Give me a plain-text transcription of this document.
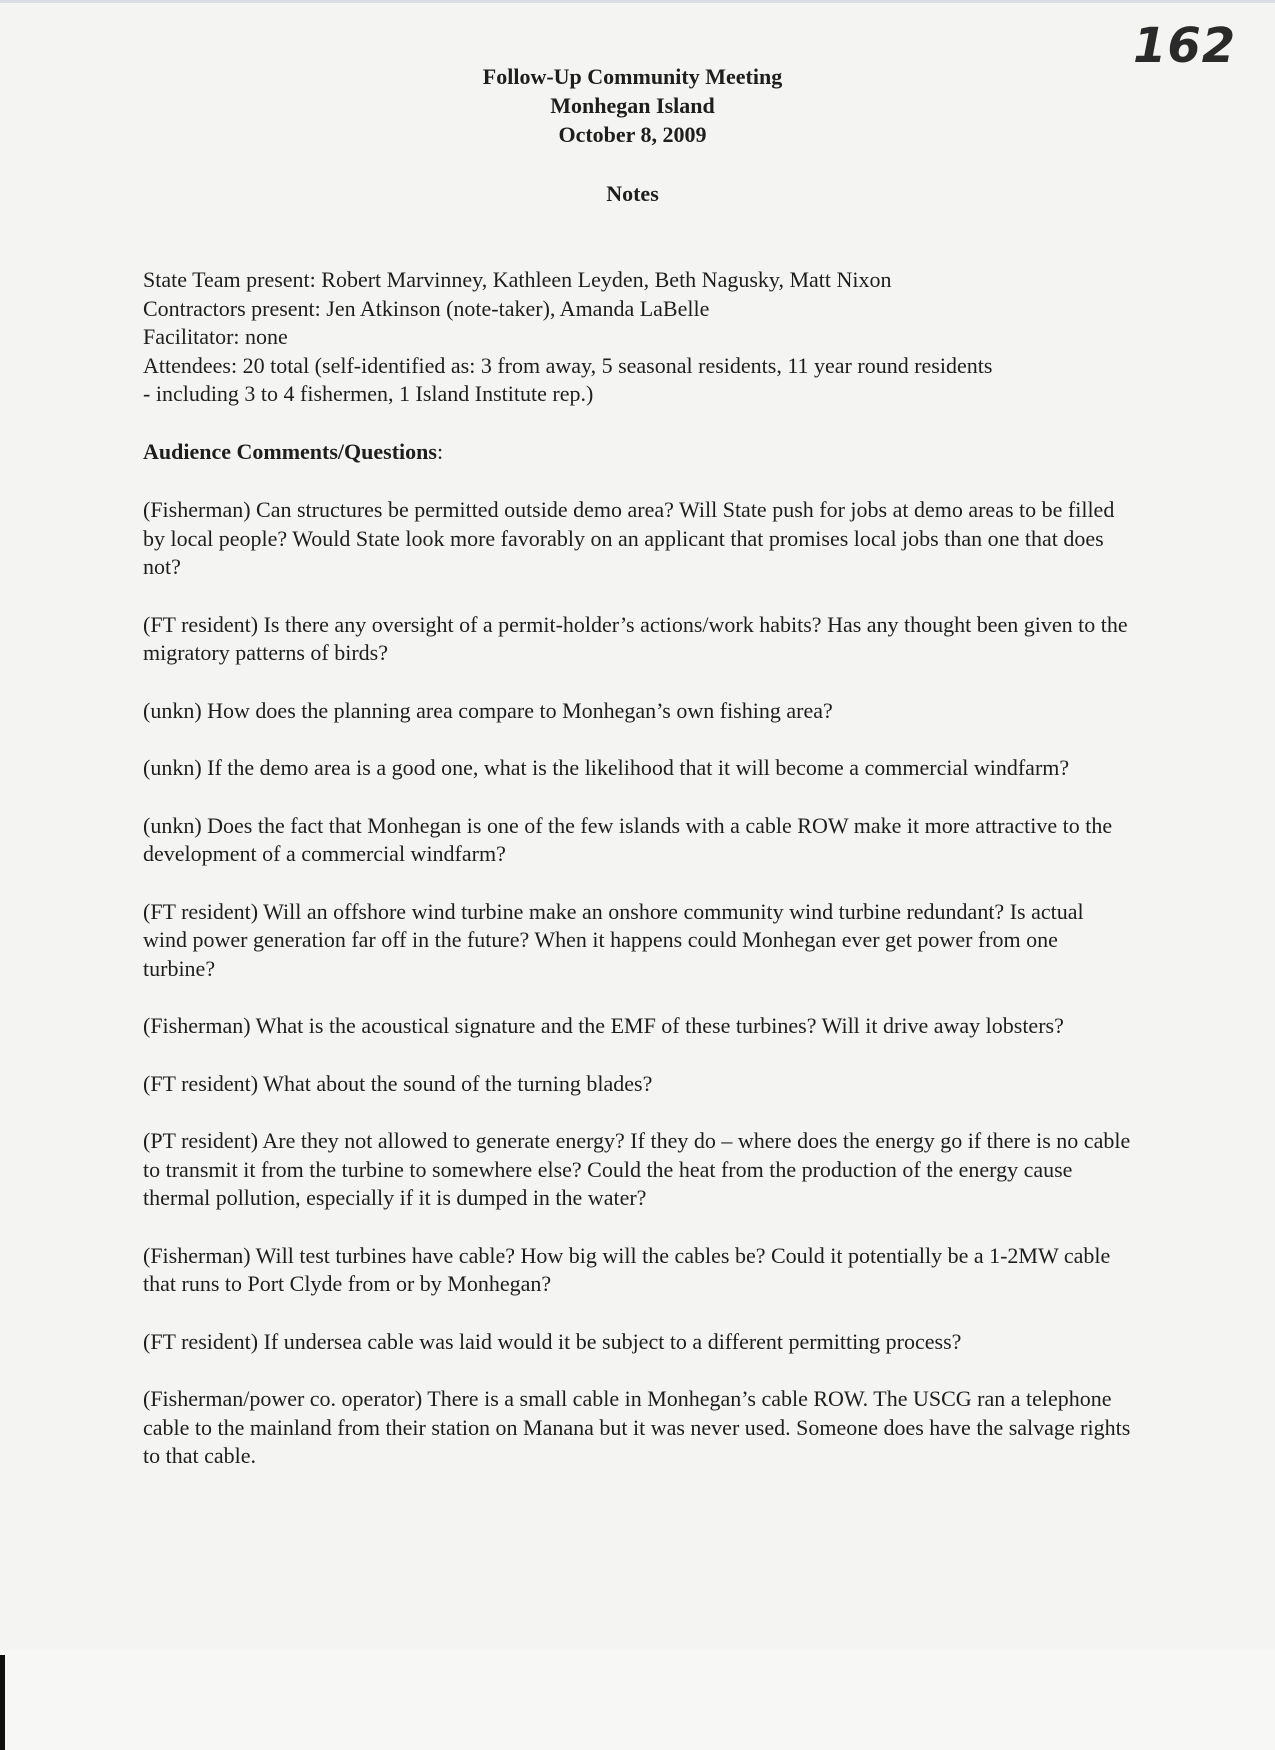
162
Follow-Up Community Meeting
Monhegan Island
October 8, 2009
Notes
State Team present: Robert Marvinney, Kathleen Leyden, Beth Nagusky, Matt Nixon
Contractors present: Jen Atkinson (note-taker), Amanda LaBelle
Facilitator: none
Attendees: 20 total (self-identified as: 3 from away, 5 seasonal residents, 11 year round residents
- including 3 to 4 fishermen, 1 Island Institute rep.)
Audience Comments/Questions:

(Fisherman) Can structures be permitted outside demo area? Will State push for jobs at demo areas to be filled by local people? Would State look more favorably on an applicant that promises local jobs than one that does not?

(FT resident) Is there any oversight of a permit-holder’s actions/work habits? Has any thought been given to the migratory patterns of birds?

(unkn) How does the planning area compare to Monhegan’s own fishing area?

(unkn) If the demo area is a good one, what is the likelihood that it will become a commercial windfarm?

(unkn) Does the fact that Monhegan is one of the few islands with a cable ROW make it more attractive to the development of a commercial windfarm?

(FT resident) Will an offshore wind turbine make an onshore community wind turbine redundant? Is actual wind power generation far off in the future? When it happens could Monhegan ever get power from one turbine?

(Fisherman) What is the acoustical signature and the EMF of these turbines? Will it drive away lobsters?

(FT resident) What about the sound of the turning blades?

(PT resident) Are they not allowed to generate energy? If they do – where does the energy go if there is no cable to transmit it from the turbine to somewhere else? Could the heat from the production of the energy cause thermal pollution, especially if it is dumped in the water?

(Fisherman) Will test turbines have cable? How big will the cables be? Could it potentially be a 1-2MW cable that runs to Port Clyde from or by Monhegan?

(FT resident) If undersea cable was laid would it be subject to a different permitting process?

(Fisherman/power co. operator) There is a small cable in Monhegan’s cable ROW. The USCG ran a telephone cable to the mainland from their station on Manana but it was never used. Someone does have the salvage rights to that cable.
